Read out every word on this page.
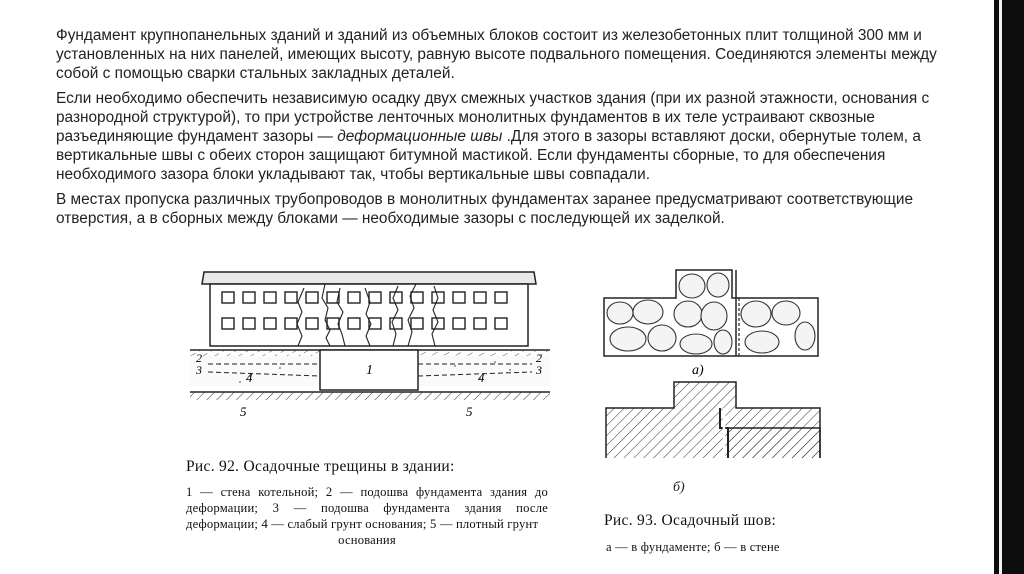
Фундамент крупнопанельных зданий и зданий из объемных блоков состоит из железобетонных плит толщиной 300 мм и установленных на них панелей, имеющих высоту, равную высоте подвального помещения. Соединяются элементы между собой с помощью сварки стальных закладных деталей.

Если необходимо обеспечить независимую осадку двух смежных участков здания (при их разной этажности, основания с разнородной структурой), то при устройстве ленточных монолитных фундаментов в их теле устраивают сквозные разъединяющие фундамент зазоры — деформационные швы .Для этого в зазоры вставляют доски, обернутые толем, а вертикальные швы с обеих сторон защищают битумной мастикой. Если фундаменты сборные, то для обеспечения необходимого зазора блоки укладывают так, чтобы вертикальные швы совпадали.

В местах пропуска различных трубопроводов в монолитных фундаментах заранее предусматривают соответствующие отверстия, а в сборных между блоками — необходимые зазоры с последующей их заделкой.

1
2
3
2
3
4	4
5	5
а)
б)
Рис. 92. Осадочные трещины в здании:
1 — стена котельной; 2 — подошва фундамента здания до деформации; 3 — подошва фундамента здания после деформации; 4 — слабый грунт основания; 5 — плотный грунт
основания
Рис. 93. Осадочный шов:
а — в фундаменте; б — в стене
